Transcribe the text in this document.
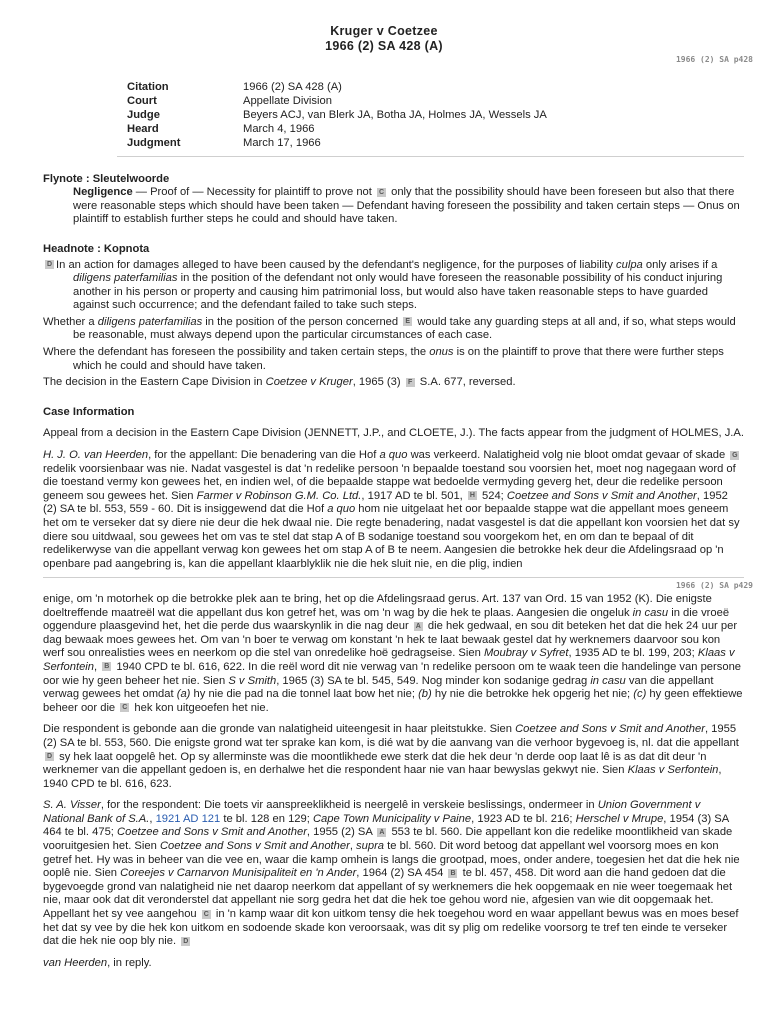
Kruger v Coetzee
1966 (2) SA 428 (A)
1966 (2) SA p428
Citation	1966 (2) SA 428 (A)
Court	Appellate Division
Judge	Beyers ACJ, van Blerk JA, Botha JA, Holmes JA, Wessels JA
Heard	March 4, 1966
Judgment	March 17, 1966
Flynote : Sleutelwoorde

Negligence — Proof of — Necessity for plaintiff to prove not C only that the possibility should have been foreseen but also that there were reasonable steps which should have been taken — Defendant having foreseen the possibility and taken certain steps — Onus on plaintiff to establish further steps he could and should have taken.

Headnote : Kopnota

D In an action for damages alleged to have been caused by the defendant's negligence, for the purposes of liability culpa only arises if a diligens paterfamilias in the position of the defendant not only would have foreseen the reasonable possibility of his conduct injuring another in his person or property and causing him patrimonial loss, but would also have taken reasonable steps to have guarded against such occurrence; and the defendant failed to take such steps.

Whether a diligens paterfamilias in the position of the person concerned E would take any guarding steps at all and, if so, what steps would be reasonable, must always depend upon the particular circumstances of each case.

Where the defendant has foreseen the possibility and taken certain steps, the onus is on the plaintiff to prove that there were further steps which he could and should have taken.

The decision in the Eastern Cape Division in Coetzee v Kruger, 1965 (3) F S.A. 677, reversed.

Case Information

Appeal from a decision in the Eastern Cape Division (JENNETT, J.P., and CLOETE, J.). The facts appear from the judgment of HOLMES, J.A.

H. J. O. van Heerden, for the appellant: Die benadering van die Hof a quo was verkeerd. Nalatigheid volg nie bloot omdat gevaar of skade G redelik voorsienbaar was nie. Nadat vasgestel is dat 'n redelike persoon 'n bepaalde toestand sou voorsien het, moet nog nagegaan word of die toestand vermy kon gewees het, en indien wel, of die bepaalde stappe wat bedoelde vermyding geverg het, deur die redelike persoon geneem sou gewees het. Sien Farmer v Robinson G.M. Co. Ltd., 1917 AD te bl. 501, H 524; Coetzee and Sons v Smit and Another, 1952 (2) SA te bl. 553, 559 - 60. Dit is insiggewend dat die Hof a quo hom nie uitgelaat het oor bepaalde stappe wat die appellant moes geneem het om te verseker dat sy diere nie deur die hek dwaal nie. Die regte benadering, nadat vasgestel is dat die appellant kon voorsien het dat sy diere sou uitdwaal, sou gewees het om vas te stel dat stap A of B sodanige toestand sou voorgekom het, en om dan te bepaal of dit redelikerwyse van die appellant verwag kon gewees het om stap A of B te neem. Aangesien die betrokke hek deur die Afdelingsraad op 'n openbare pad aangebring is, kan die appellant klaarblyklik nie die hek sluit nie, en die plig, indien

1966 (2) SA p429

enige, om 'n motorhek op die betrokke plek aan te bring, het op die Afdelingsraad gerus. Art. 137 van Ord. 15 van 1952 (K). Die enigste doeltreffende maatreël wat die appellant dus kon getref het, was om 'n wag by die hek te plaas. Aangesien die ongeluk in casu in die vroeë oggendure plaasgevind het, het die perde dus waarskynlik in die nag deur A die hek gedwaal, en sou dit beteken het dat die hek 24 uur per dag bewaak moes gewees het. Om van 'n boer te verwag om konstant 'n hek te laat bewaak gestel dat hy werknemers daarvoor sou kon werf sou onrealisties wees en neerkom op die stel van onredelike hoë gedragseise. Sien Moubray v Syfret, 1935 AD te bl. 199, 203; Klaas v Serfontein, B 1940 CPD te bl. 616, 622. In die reël word dit nie verwag van 'n redelike persoon om te waak teen die handelinge van persone oor wie hy geen beheer het nie. Sien S v Smith, 1965 (3) SA te bl. 545, 549. Nog minder kon sodanige gedrag in casu van die appellant verwag gewees het omdat (a) hy nie die pad na die tonnel laat bow het nie; (b) hy nie die betrokke hek opgerig het nie; (c) hy geen effektiewe beheer oor die C hek kon uitgeoefen het nie.

Die respondent is gebonde aan die gronde van nalatigheid uiteengesit in haar pleitstukke. Sien Coetzee and Sons v Smit and Another, 1955 (2) SA te bl. 553, 560. Die enigste grond wat ter sprake kan kom, is dié wat by die aanvang van die verhoor bygevoeg is, nl. dat die appellant D sy hek laat oopgelê het. Op sy allerminste was die moontlikhede ewe sterk dat die hek deur 'n derde oop laat lê is as dat dit deur 'n werknemer van die appellant gedoen is, en derhalwe het die respondent haar nie van haar bewyslas gekwyt nie. Sien Klaas v Serfontein, 1940 CPD te bl. 616, 623.

S. A. Visser, for the respondent: Die toets vir aanspreeklikheid is neergelê in verskeie beslissings, ondermeer in Union Government v National Bank of S.A., 1921 AD 121 te bl. 128 en 129; Cape Town Municipality v Paine, 1923 AD te bl. 216; Herschel v Mrupe, 1954 (3) SA 464 te bl. 475; Coetzee and Sons v Smit and Another, 1955 (2) SA A 553 te bl. 560. Die appellant kon die redelike moontlikheid van skade vooruitgesien het. Sien Coetzee and Sons v Smit and Another, supra te bl. 560. Dit word betoog dat appellant wel voorsorg moes en kon getref het. Hy was in beheer van die vee en, waar die kamp omhein is langs die grootpad, moes, onder andere, toegesien het dat die hek nie ooplê nie. Sien Coreejes v Carnarvon Munisipaliteit en 'n Ander, 1964 (2) SA 454 B te bl. 457, 458. Dit word aan die hand gedoen dat die bygevoegde grond van nalatigheid nie net daarop neerkom dat appellant of sy werknemers die hek oopgemaak en nie weer toegemaak het nie, maar ook dat dit veronderstel dat appellant nie sorg gedra het dat die hek toe gehou word nie, afgesien van wie dit oopgemaak het. Appellant het sy vee aangehou C in 'n kamp waar dit kon uitkom tensy die hek toegehou word en waar appellant bewus was en moes besef het dat sy vee by die hek kon uitkom en sodoende skade kon veroorsaak, was dit sy plig om redelike voorsorg te tref ten einde te verseker dat die hek nie oop bly nie. D

van Heerden, in reply.
